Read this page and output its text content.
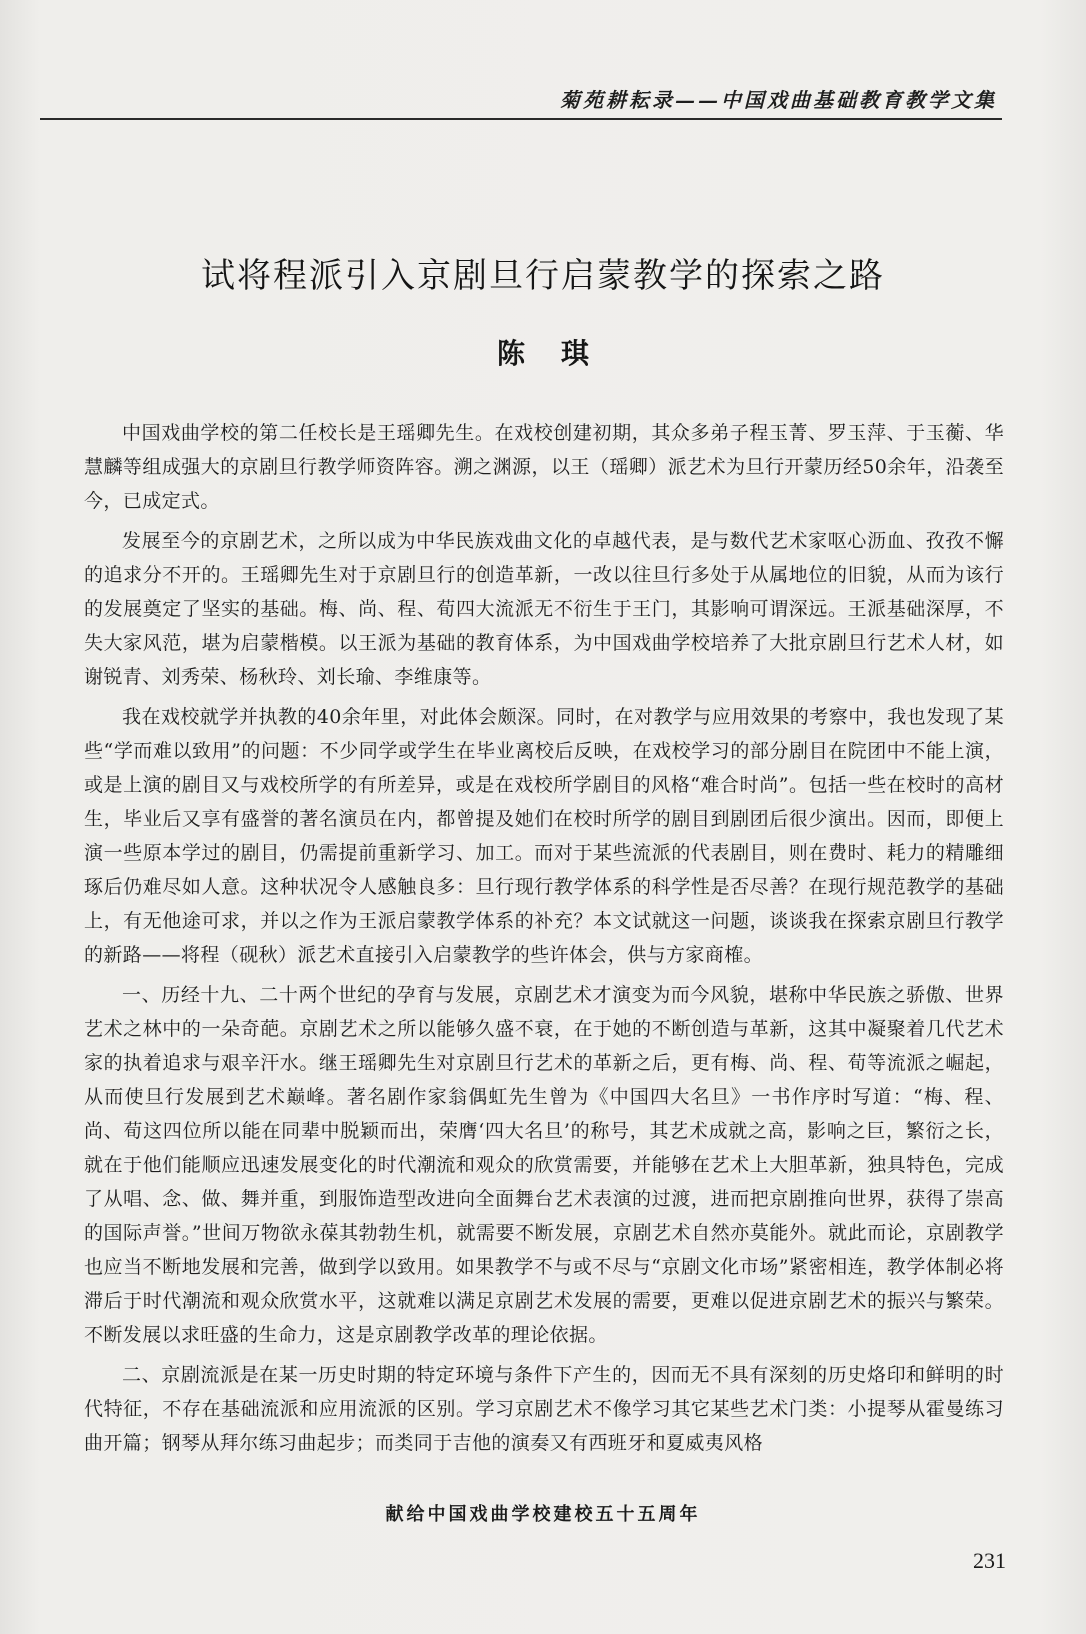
菊苑耕耘录——中国戏曲基础教育教学文集
试将程派引入京剧旦行启蒙教学的探索之路
陈琪

中国戏曲学校的第二任校长是王瑶卿先生。在戏校创建初期，其众多弟子程玉菁、罗玉萍、于玉蘅、华慧麟等组成强大的京剧旦行教学师资阵容。溯之渊源，以王（瑶卿）派艺术为旦行开蒙历经50余年，沿袭至今，已成定式。

发展至今的京剧艺术，之所以成为中华民族戏曲文化的卓越代表，是与数代艺术家呕心沥血、孜孜不懈的追求分不开的。王瑶卿先生对于京剧旦行的创造革新，一改以往旦行多处于从属地位的旧貌，从而为该行的发展奠定了坚实的基础。梅、尚、程、荀四大流派无不衍生于王门，其影响可谓深远。王派基础深厚，不失大家风范，堪为启蒙楷模。以王派为基础的教育体系，为中国戏曲学校培养了大批京剧旦行艺术人材，如谢锐青、刘秀荣、杨秋玲、刘长瑜、李维康等。

我在戏校就学并执教的40余年里，对此体会颇深。同时，在对教学与应用效果的考察中，我也发现了某些“学而难以致用”的问题：不少同学或学生在毕业离校后反映，在戏校学习的部分剧目在院团中不能上演，或是上演的剧目又与戏校所学的有所差异，或是在戏校所学剧目的风格“难合时尚”。包括一些在校时的高材生，毕业后又享有盛誉的著名演员在内，都曾提及她们在校时所学的剧目到剧团后很少演出。因而，即便上演一些原本学过的剧目，仍需提前重新学习、加工。而对于某些流派的代表剧目，则在费时、耗力的精雕细琢后仍难尽如人意。这种状况令人感触良多：旦行现行教学体系的科学性是否尽善？在现行规范教学的基础上，有无他途可求，并以之作为王派启蒙教学体系的补充？本文试就这一问题，谈谈我在探索京剧旦行教学的新路——将程（砚秋）派艺术直接引入启蒙教学的些许体会，供与方家商榷。

一、历经十九、二十两个世纪的孕育与发展，京剧艺术才演变为而今风貌，堪称中华民族之骄傲、世界艺术之林中的一朵奇葩。京剧艺术之所以能够久盛不衰，在于她的不断创造与革新，这其中凝聚着几代艺术家的执着追求与艰辛汗水。继王瑶卿先生对京剧旦行艺术的革新之后，更有梅、尚、程、荀等流派之崛起，从而使旦行发展到艺术巅峰。著名剧作家翁偶虹先生曾为《中国四大名旦》一书作序时写道：“梅、程、尚、荀这四位所以能在同辈中脱颖而出，荣膺‘四大名旦’的称号，其艺术成就之高，影响之巨，繁衍之长，就在于他们能顺应迅速发展变化的时代潮流和观众的欣赏需要，并能够在艺术上大胆革新，独具特色，完成了从唱、念、做、舞并重，到服饰造型改进向全面舞台艺术表演的过渡，进而把京剧推向世界，获得了崇高的国际声誉。”世间万物欲永葆其勃勃生机，就需要不断发展，京剧艺术自然亦莫能外。就此而论，京剧教学也应当不断地发展和完善，做到学以致用。如果教学不与或不尽与“京剧文化市场”紧密相连，教学体制必将滞后于时代潮流和观众欣赏水平，这就难以满足京剧艺术发展的需要，更难以促进京剧艺术的振兴与繁荣。不断发展以求旺盛的生命力，这是京剧教学改革的理论依据。

二、京剧流派是在某一历史时期的特定环境与条件下产生的，因而无不具有深刻的历史烙印和鲜明的时代特征，不存在基础流派和应用流派的区别。学习京剧艺术不像学习其它某些艺术门类：小提琴从霍曼练习曲开篇；钢琴从拜尔练习曲起步；而类同于吉他的演奏又有西班牙和夏威夷风格

献给中国戏曲学校建校五十五周年
231
